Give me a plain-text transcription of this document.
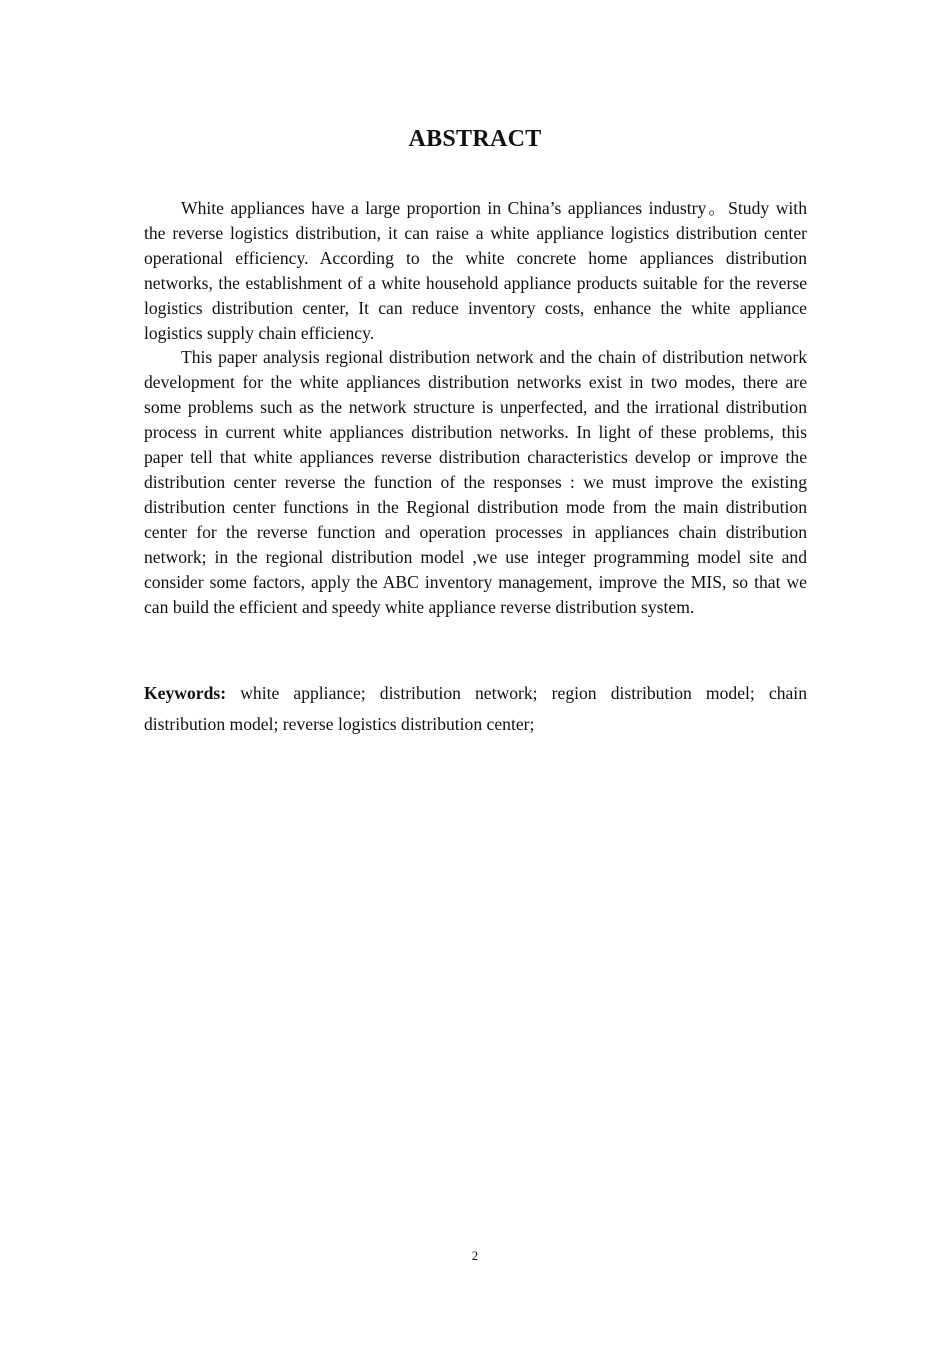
ABSTRACT

White appliances have a large proportion in China’s appliances industry。Study with the reverse logistics distribution, it can raise a white appliance logistics distribution center operational efficiency. According to the white concrete home appliances distribution networks, the establishment of a white household appliance products suitable for the reverse logistics distribution center, It can reduce inventory costs, enhance the white appliance logistics supply chain efficiency.

This paper analysis regional distribution network and the chain of distribution network development for the white appliances distribution networks exist in two modes, there are some problems such as the network structure is unperfected, and the irrational distribution process in current white appliances distribution networks. In light of these problems, this paper tell that white appliances reverse distribution characteristics develop or improve the distribution center reverse the function of the responses : we must improve the existing distribution center functions in the Regional distribution mode from the main distribution center for the reverse function and operation processes in appliances chain distribution network; in the regional distribution model ,we use integer programming model site and consider some factors, apply the ABC inventory management, improve the MIS, so that we can build the efficient and speedy white appliance reverse distribution system.

Keywords: white appliance; distribution network; region distribution model; chain distribution model; reverse logistics distribution center;
2
